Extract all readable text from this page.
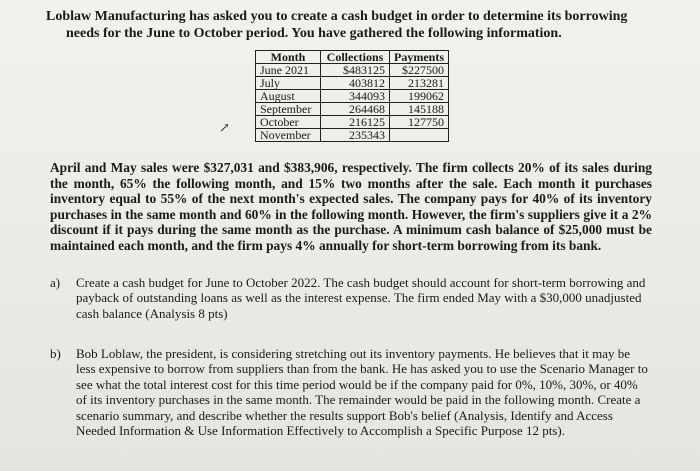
Loblaw Manufacturing has asked you to create a cash budget in order to determine its borrowing
needs for the June to October period. You have gathered the following information.
Month	Collections	Payments
June 2021	$483125	$227500
July	403812	213281
August	344093	199062
September	264468	145188
October	216125	127750
November	235343	
↗
April and May sales were $327,031 and $383,906, respectively. The firm collects 20% of its sales during the month, 65% the following month, and 15% two months after the sale. Each month it purchases inventory equal to 55% of the next month's expected sales. The company pays for 40% of its inventory purchases in the same month and 60% in the following month. However, the firm's suppliers give it a 2% discount if it pays during the same month as the purchase. A minimum cash balance of $25,000 must be maintained each month, and the firm pays 4% annually for short-term borrowing from its bank.
a)	Create a cash budget for June to October 2022. The cash budget should account for short-term borrowing and payback of outstanding loans as well as the interest expense. The firm ended May with a $30,000 unadjusted cash balance (Analysis 8 pts)
b)	Bob Loblaw, the president, is considering stretching out its inventory payments. He believes that it may be less expensive to borrow from suppliers than from the bank. He has asked you to use the Scenario Manager to see what the total interest cost for this time period would be if the company paid for 0%, 10%, 30%, or 40% of its inventory purchases in the same month. The remainder would be paid in the following month. Create a scenario summary, and describe whether the results support Bob's belief (Analysis, Identify and Access Needed Information & Use Information Effectively to Accomplish a Specific Purpose 12 pts).
